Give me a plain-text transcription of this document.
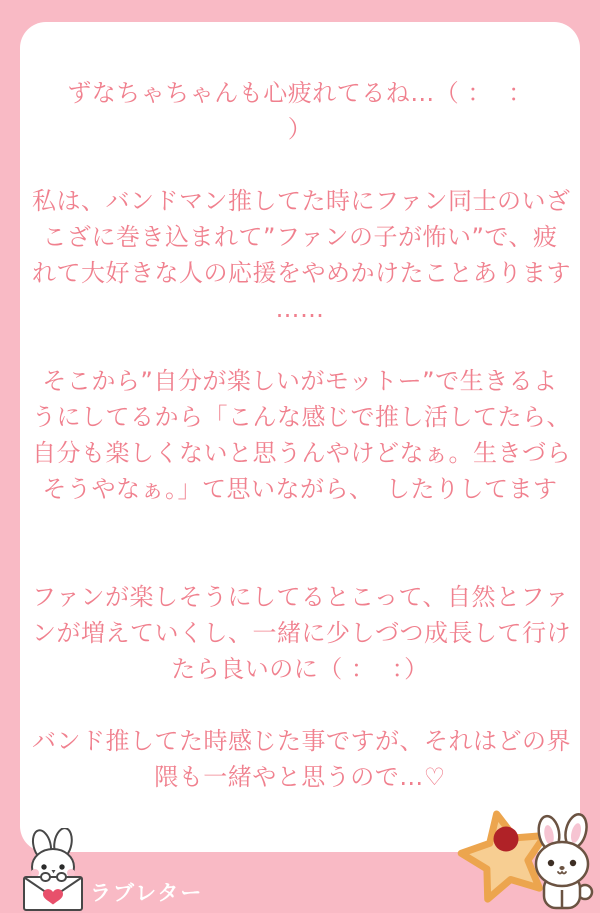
ずなちゃちゃんも心疲れてるね…（ ：  ：
）
私は、バンドマン推してた時にファン同士のいざ
こざに巻き込まれて”ファンの子が怖い”で、疲
れて大好きな人の応援をやめかけたことあります
……
そこから”自分が楽しいがモットー”で生きるよ
うにしてるから「こんな感じで推し活してたら、
自分も楽しくないと思うんやけどなぁ。生きづら
そうやなぁ。」て思いながら、　したりしてます
ファンが楽しそうにしてるとこって、自然とファ
ンが増えていくし、一緒に少しづつ成長して行け
たら良いのに（ ：  ：）
バンド推してた時感じた事ですが、それはどの界
隈も一緒やと思うので…♡
ラブレター
